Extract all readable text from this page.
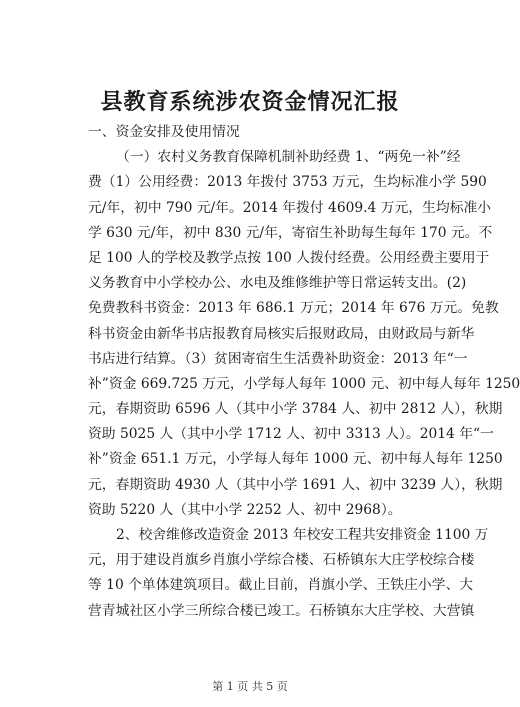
县教育系统涉农资金情况汇报
一、资金安排及使用情况
（一）农村义务教育保障机制补助经费 1、“两免一补”经
费（1）公用经费：2013 年拨付 3753 万元，生均标准小学 590
元/年，初中 790 元/年。2014 年拨付 4609.4 万元，生均标准小
学 630 元/年，初中 830 元/年，寄宿生补助每生每年 170 元。不
足 100 人的学校及教学点按 100 人拨付经费。公用经费主要用于
义务教育中小学校办公、水电及维修维护等日常运转支出。(2)
免费教科书资金：2013 年 686.1 万元；2014 年 676 万元。免教
科书资金由新华书店报教育局核实后报财政局，由财政局与新华
书店进行结算。（3）贫困寄宿生生活费补助资金：2013 年“一
补”资金 669.725 万元，小学每人每年 1000 元、初中每人每年 1250
元，春期资助 6596 人（其中小学 3784 人、初中 2812 人），秋期
资助 5025 人（其中小学 1712 人、初中 3313 人）。2014 年“一
补”资金 651.1 万元，小学每人每年 1000 元、初中每人每年 1250
元，春期资助 4930 人（其中小学 1691 人、初中 3239 人），秋期
资助 5220 人（其中小学 2252 人、初中 2968）。
2、校舍维修改造资金 2013 年校安工程共安排资金 1100 万
元，用于建设肖旗乡肖旗小学综合楼、石桥镇东大庄学校综合楼
等 10 个单体建筑项目。截止目前，肖旗小学、王铁庄小学、大
营青城社区小学三所综合楼已竣工。石桥镇东大庄学校、大营镇
第 1 页 共 5 页
